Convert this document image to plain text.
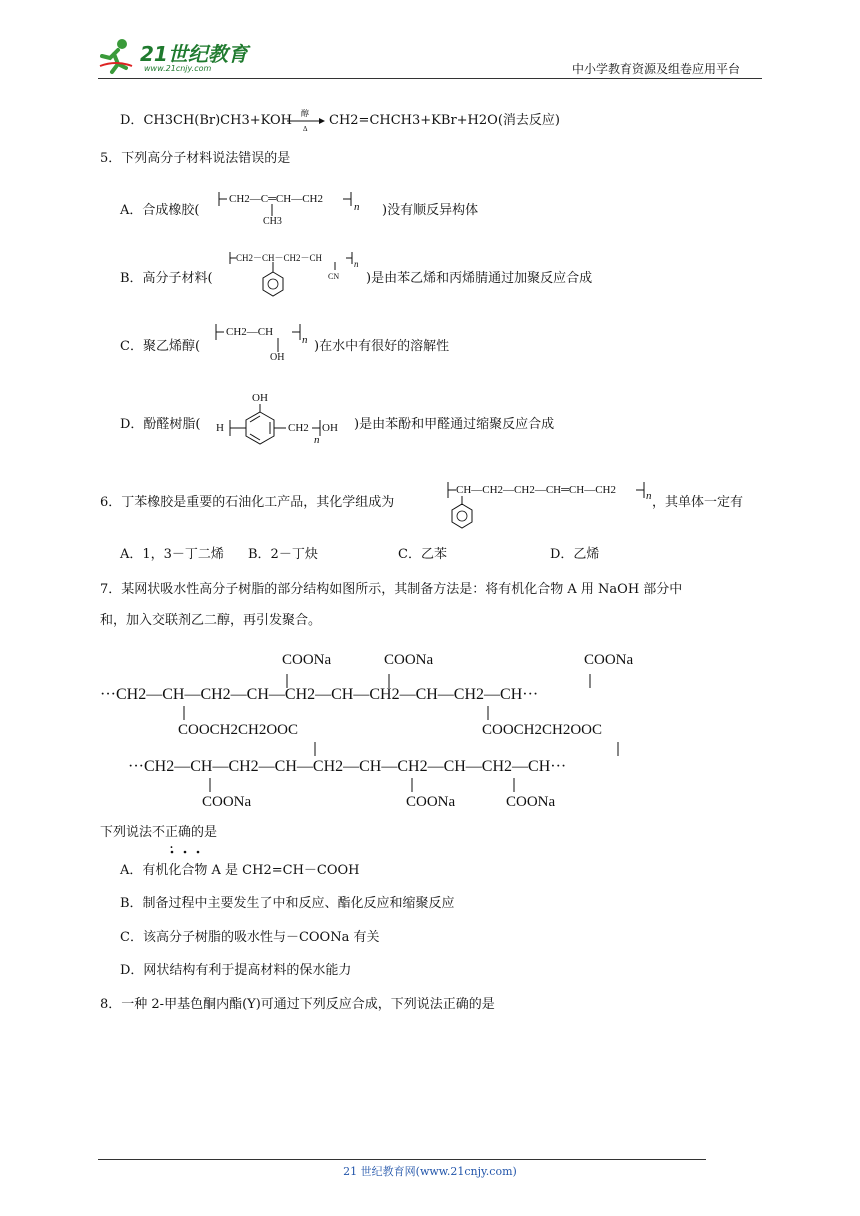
21世纪教育
www.21cnjy.com	中小学教育资源及组卷应用平台
D．CH3CH(Br)CH3+KOH 醇
Δ
CH2=CHCH3+KBr+H2O(消去反应)
5．下列高分子材料说法错误的是
A．合成橡胶(
CH2—C═CH—CH2
CH3
n )没有顺反异构体
B．高分子材料(
CH2－CH－CH2－CH
CN
n
)是由苯乙烯和丙烯腈通过加聚反应合成
C．聚乙烯醇(
CH2—CH
OH
n )在水中有很好的溶解性
D．酚醛树脂( H
OH
CH2 OH
n
)是由苯酚和甲醛通过缩聚反应合成
6．丁苯橡胶是重要的石油化工产品，其化学组成为
CH—CH2—CH2—CH═CH—CH2	n ，其单体一定有
A．1，3－丁二烯 B．2－丁炔	C．乙苯	D．乙烯
7．某网状吸水性高分子树脂的部分结构如图所示，其制备方法是：将有机化合物 A 用 NaOH 部分中
和，加入交联剂乙二醇，再引发聚合。
COONa	COONa	COONa
···CH2—CH—CH2—CH—CH2—CH—CH2—CH—CH2—CH···
COOCH2CH2OOC	COOCH2CH2OOC
···CH2—CH—CH2—CH—CH2—CH—CH2—CH—CH2—CH···
COONa	COONa	COONa
下列说法不正确的是
A．有机化合物 A 是 CH2=CH－COOH
B．制备过程中主要发生了中和反应、酯化反应和缩聚反应
C．该高分子树脂的吸水性与－COONa 有关
D．网状结构有利于提高材料的保水能力
8．一种 2-甲基色酮内酯(Y)可通过下列反应合成，下列说法正确的是
21 世纪教育网(www.21cnjy.com)
